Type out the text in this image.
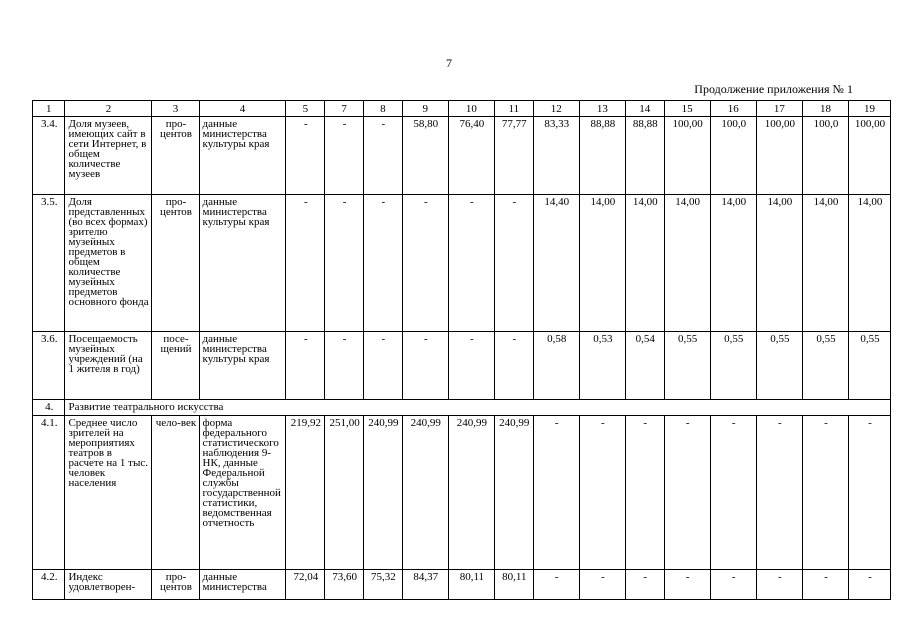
7
Продолжение приложения № 1
1	2	3	4	5	7	8	9	10	11	12	13	14	15	16	17	18	19
3.4.	Доля музеев, имеющих сайт в сети Интернет, в общем количестве музеев	про-центов	данные министерства культуры края	-	-	-	58,80	76,40	77,77	83,33	88,88	88,88	100,00	100,0	100,00	100,0	100,00
3.5.	Доля представленных (во всех формах) зрителю музейных предметов в общем количестве музейных предметов основного фонда	про-центов	данные министерства культуры края	-	-	-	-	-	-	14,40	14,00	14,00	14,00	14,00	14,00	14,00	14,00
3.6.	Посещаемость музейных учреждений (на 1 жителя в год)	посе-щений	данные министерства культуры края	-	-	-	-	-	-	0,58	0,53	0,54	0,55	0,55	0,55	0,55	0,55
4.	Развитие театрального искусства																
4.1.	Среднее число зрителей на мероприятиях театров в расчете на 1 тыс. человек населения	чело-век	форма федерального статистического наблюдения 9-НК, данные Федеральной службы государственной статистики, ведомственная отчетность	219,92	251,00	240,99	240,99	240,99	240,99	-	-	-	-	-	-	-	-
4.2.	Индекс удовлетворен-	про-центов	данные министерства	72,04	73,60	75,32	84,37	80,11	80,11	-	-	-	-	-	-	-	-
